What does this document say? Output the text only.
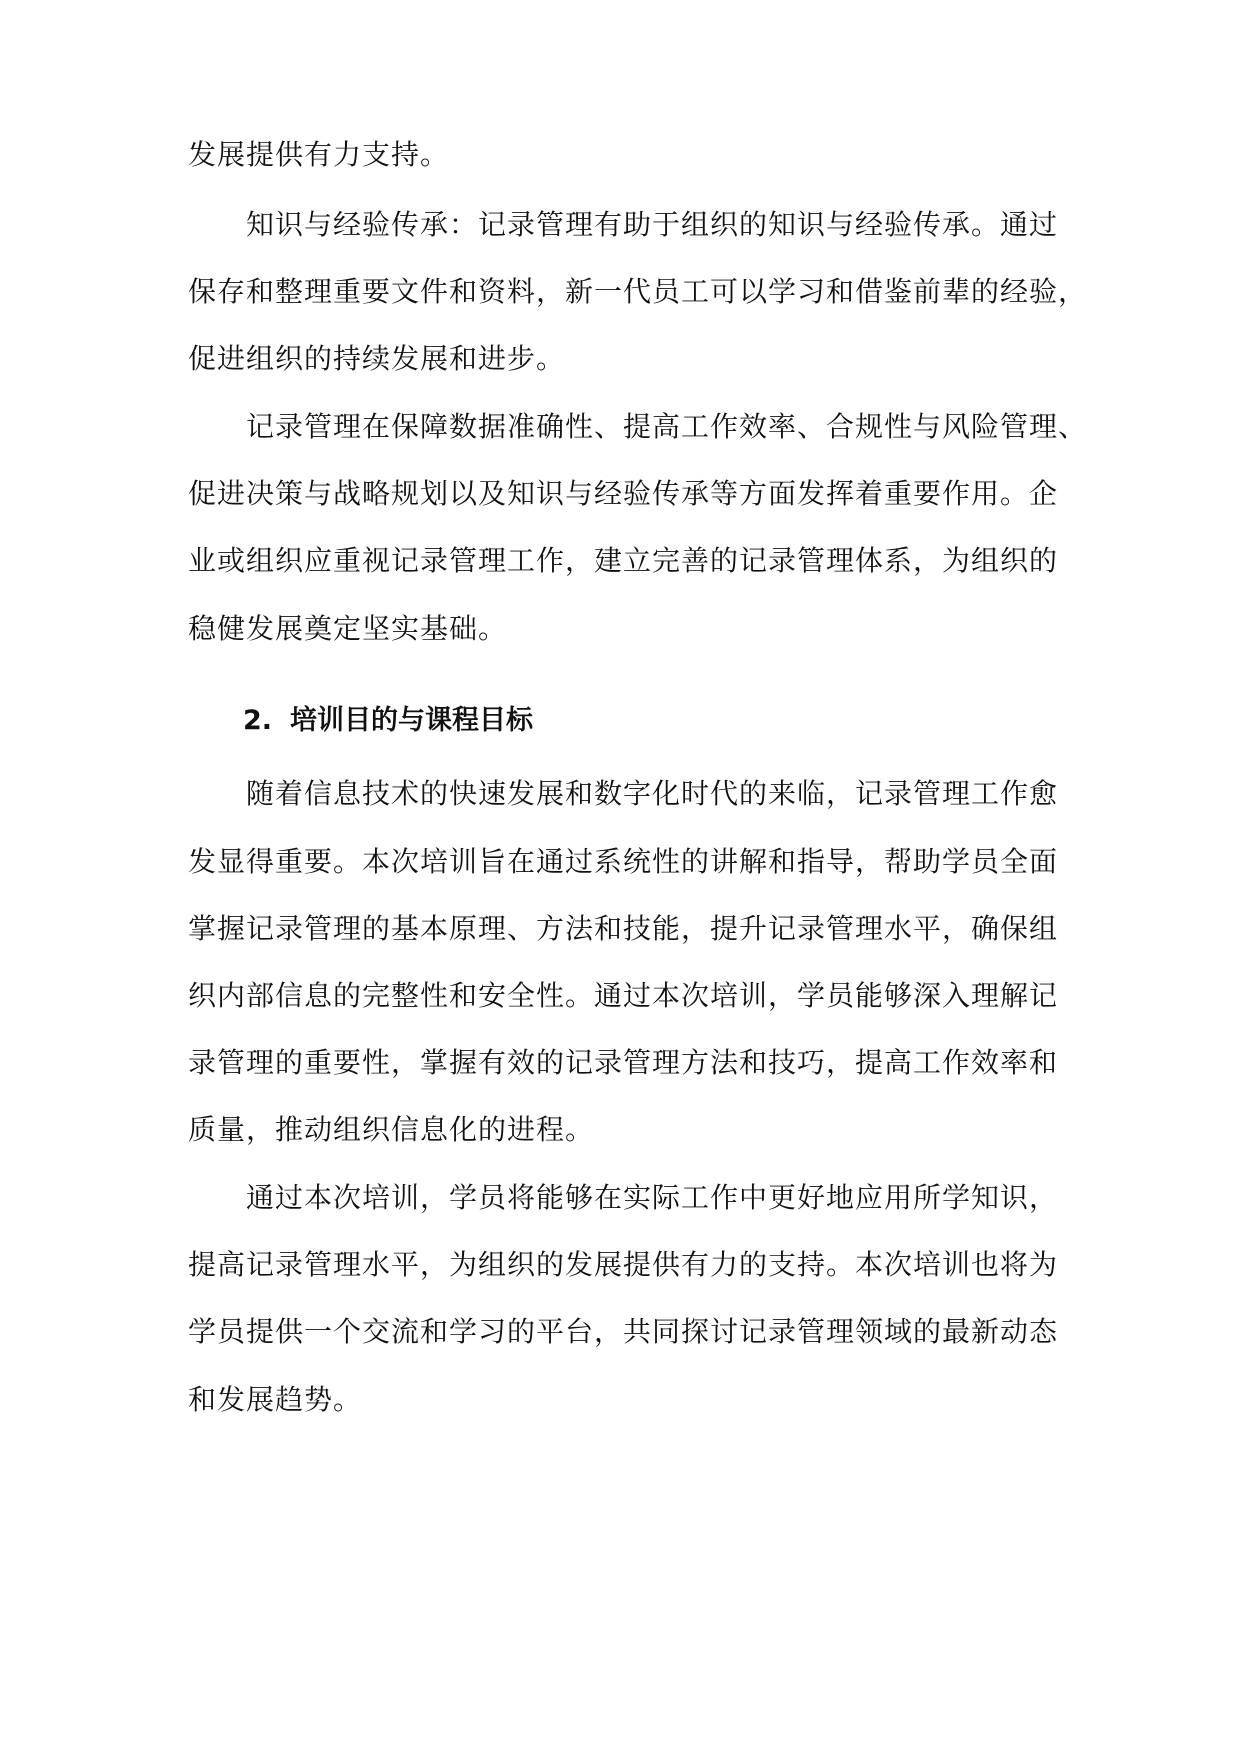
发展提供有力支持。
知识与经验传承：记录管理有助于组织的知识与经验传承。通过
保存和整理重要文件和资料，新一代员工可以学习和借鉴前辈的经验，
促进组织的持续发展和进步。
记录管理在保障数据准确性、提高工作效率、合规性与风险管理、
促进决策与战略规划以及知识与经验传承等方面发挥着重要作用。企
业或组织应重视记录管理工作，建立完善的记录管理体系，为组织的
稳健发展奠定坚实基础。
2. 培训目的与课程目标
随着信息技术的快速发展和数字化时代的来临，记录管理工作愈
发显得重要。本次培训旨在通过系统性的讲解和指导，帮助学员全面
掌握记录管理的基本原理、方法和技能，提升记录管理水平，确保组
织内部信息的完整性和安全性。通过本次培训，学员能够深入理解记
录管理的重要性，掌握有效的记录管理方法和技巧，提高工作效率和
质量，推动组织信息化的进程。
通过本次培训，学员将能够在实际工作中更好地应用所学知识，
提高记录管理水平，为组织的发展提供有力的支持。本次培训也将为
学员提供一个交流和学习的平台，共同探讨记录管理领域的最新动态
和发展趋势。
